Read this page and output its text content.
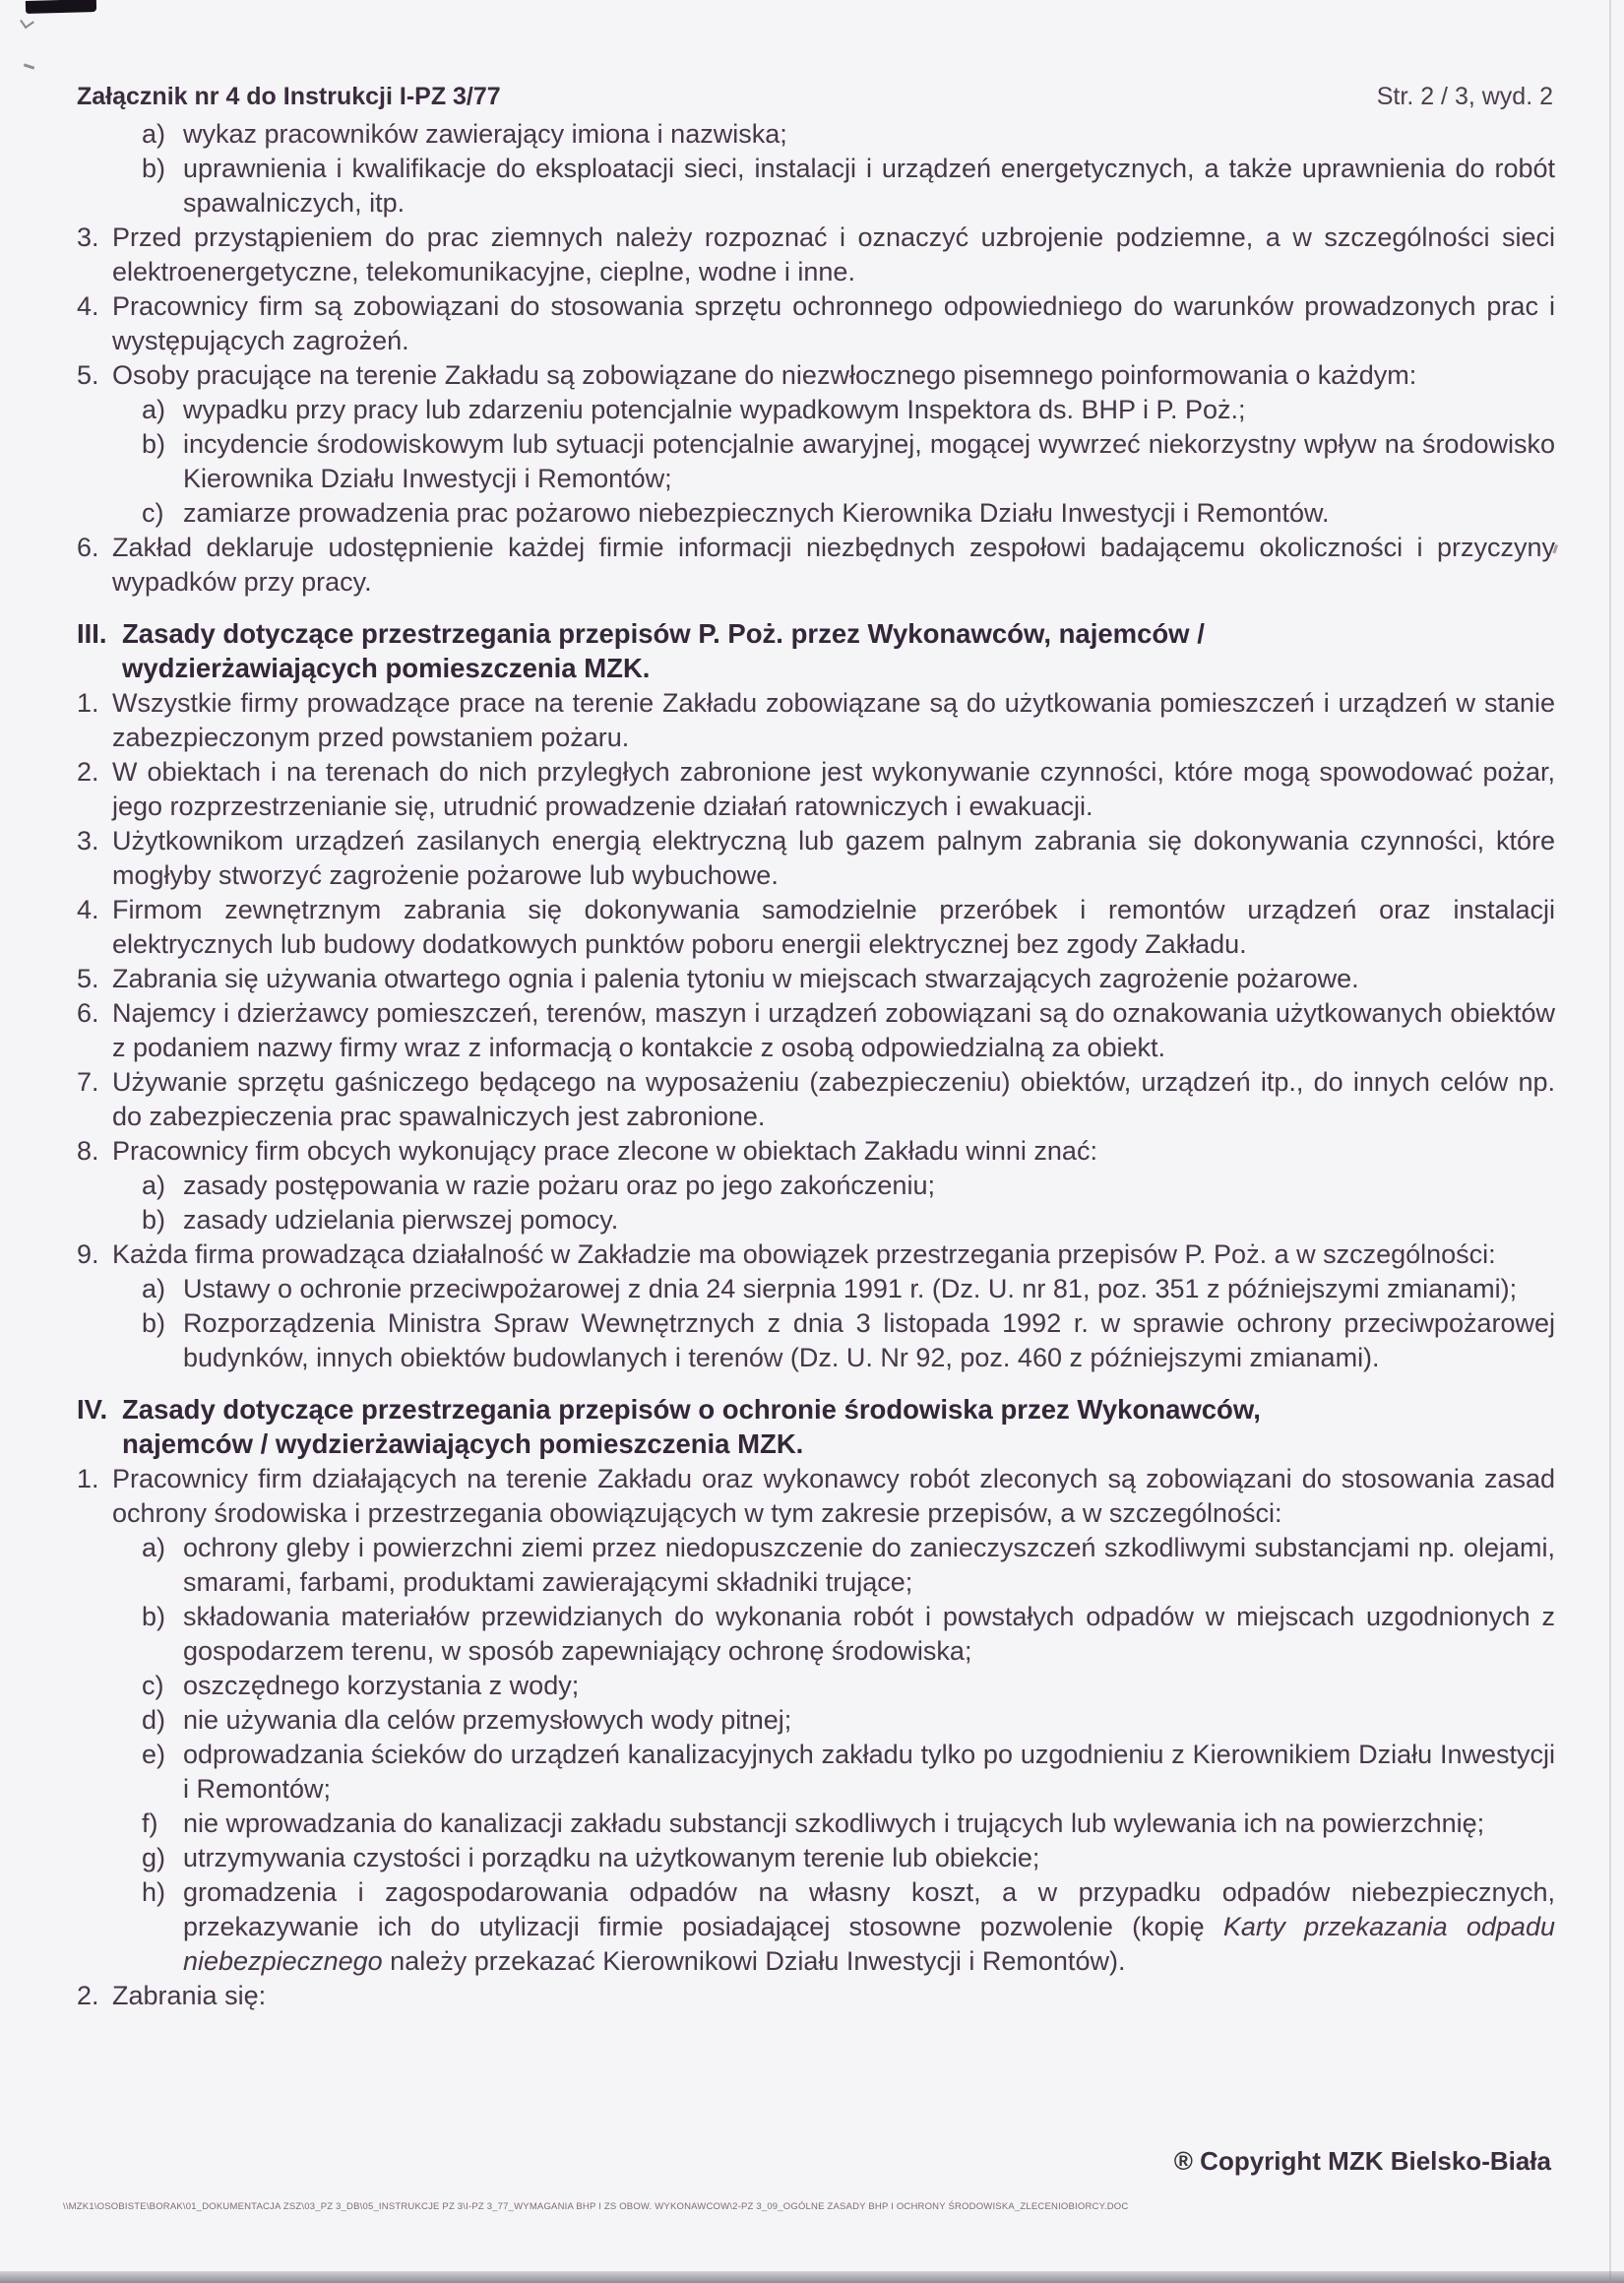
Załącznik nr 4 do Instrukcji I-PZ 3/77	Str. 2 / 3, wyd. 2
a) wykaz pracowników zawierający imiona i nazwiska;
b) uprawnienia i kwalifikacje do eksploatacji sieci, instalacji i urządzeń energetycznych, a także uprawnienia do robót spawalniczych, itp.
3. Przed przystąpieniem do prac ziemnych należy rozpoznać i oznaczyć uzbrojenie podziemne, a w szczególności sieci elektroenergetyczne, telekomunikacyjne, cieplne, wodne i inne.
4. Pracownicy firm są zobowiązani do stosowania sprzętu ochronnego odpowiedniego do warunków prowadzonych prac i występujących zagrożeń.
5. Osoby pracujące na terenie Zakładu są zobowiązane do niezwłocznego pisemnego poinformowania o każdym:
a) wypadku przy pracy lub zdarzeniu potencjalnie wypadkowym Inspektora ds. BHP i P. Poż.;
b) incydencie środowiskowym lub sytuacji potencjalnie awaryjnej, mogącej wywrzeć niekorzystny wpływ na środowisko Kierownika Działu Inwestycji i Remontów;
c) zamiarze prowadzenia prac pożarowo niebezpiecznych Kierownika Działu Inwestycji i Remontów.
6. Zakład deklaruje udostępnienie każdej firmie informacji niezbędnych zespołowi badającemu okoliczności i przyczyny wypadków przy pracy.
III. Zasady dotyczące przestrzegania przepisów P. Poż. przez Wykonawców, najemców /
wydzierżawiających pomieszczenia MZK.
1. Wszystkie firmy prowadzące prace na terenie Zakładu zobowiązane są do użytkowania pomieszczeń i urządzeń w stanie zabezpieczonym przed powstaniem pożaru.
2. W obiektach i na terenach do nich przyległych zabronione jest wykonywanie czynności, które mogą spowodować pożar, jego rozprzestrzenianie się, utrudnić prowadzenie działań ratowniczych i ewakuacji.
3. Użytkownikom urządzeń zasilanych energią elektryczną lub gazem palnym zabrania się dokonywania czynności, które mogłyby stworzyć zagrożenie pożarowe lub wybuchowe.
4. Firmom zewnętrznym zabrania się dokonywania samodzielnie przeróbek i remontów urządzeń oraz instalacji elektrycznych lub budowy dodatkowych punktów poboru energii elektrycznej bez zgody Zakładu.
5. Zabrania się używania otwartego ognia i palenia tytoniu w miejscach stwarzających zagrożenie pożarowe.
6. Najemcy i dzierżawcy pomieszczeń, terenów, maszyn i urządzeń zobowiązani są do oznakowania użytkowanych obiektów z podaniem nazwy firmy wraz z informacją o kontakcie z osobą odpowiedzialną za obiekt.
7. Używanie sprzętu gaśniczego będącego na wyposażeniu (zabezpieczeniu) obiektów, urządzeń itp., do innych celów np. do zabezpieczenia prac spawalniczych jest zabronione.
8. Pracownicy firm obcych wykonujący prace zlecone w obiektach Zakładu winni znać:
a) zasady postępowania w razie pożaru oraz po jego zakończeniu;
b) zasady udzielania pierwszej pomocy.
9. Każda firma prowadząca działalność w Zakładzie ma obowiązek przestrzegania przepisów P. Poż. a w szczególności:
a) Ustawy o ochronie przeciwpożarowej z dnia 24 sierpnia 1991 r. (Dz. U. nr 81, poz. 351 z późniejszymi zmianami);
b) Rozporządzenia Ministra Spraw Wewnętrznych z dnia 3 listopada 1992 r. w sprawie ochrony przeciwpożarowej budynków, innych obiektów budowlanych i terenów (Dz. U. Nr 92, poz. 460 z późniejszymi zmianami).
IV. Zasady dotyczące przestrzegania przepisów o ochronie środowiska przez Wykonawców,
najemców / wydzierżawiających pomieszczenia MZK.
1. Pracownicy firm działających na terenie Zakładu oraz wykonawcy robót zleconych są zobowiązani do stosowania zasad ochrony środowiska i przestrzegania obowiązujących w tym zakresie przepisów, a w szczególności:
a) ochrony gleby i powierzchni ziemi przez niedopuszczenie do zanieczyszczeń szkodliwymi substancjami np. olejami, smarami, farbami, produktami zawierającymi składniki trujące;
b) składowania materiałów przewidzianych do wykonania robót i powstałych odpadów w miejscach uzgodnionych z gospodarzem terenu, w sposób zapewniający ochronę środowiska;
c) oszczędnego korzystania z wody;
d) nie używania dla celów przemysłowych wody pitnej;
e) odprowadzania ścieków do urządzeń kanalizacyjnych zakładu tylko po uzgodnieniu z Kierownikiem Działu Inwestycji i Remontów;
f) nie wprowadzania do kanalizacji zakładu substancji szkodliwych i trujących lub wylewania ich na powierzchnię;
g) utrzymywania czystości i porządku na użytkowanym terenie lub obiekcie;
h) gromadzenia i zagospodarowania odpadów na własny koszt, a w przypadku odpadów niebezpiecznych, przekazywanie ich do utylizacji firmie posiadającej stosowne pozwolenie (kopię Karty przekazania odpadu niebezpiecznego należy przekazać Kierownikowi Działu Inwestycji i Remontów).
2. Zabrania się:
® Copyright MZK Bielsko-Biała
\\MZK1\OSOBISTE\BORAK\01_DOKUMENTACJA ZSZ\03_PZ 3_DB\05_INSTRUKCJE PZ 3\I-PZ 3_77_WYMAGANIA BHP I ZS OBOW. WYKONAWCOW\2-PZ 3_09_OGÓLNE ZASADY BHP I OCHRONY ŚRODOWISKA_ZLECENIOBIORCY.DOC
